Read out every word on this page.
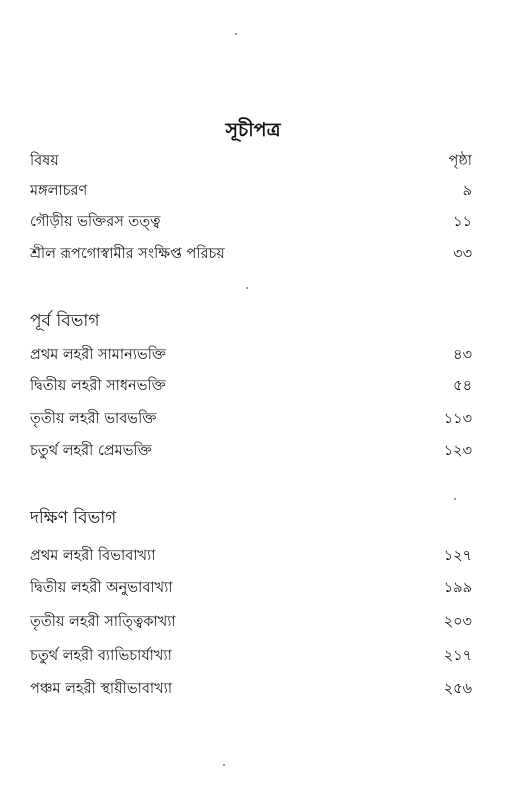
সূচীপত্র
বিষয়	পৃষ্ঠা
মঙ্গলাচরণ	৯
গৌড়ীয় ভক্তিরস তত্ত্ব	১১
শ্রীল রূপগোস্বামীর সংক্ষিপ্ত পরিচয়	৩৩
পূর্ব বিভাগ
প্রথম লহরী সামান্যভক্তি	৪৩
দ্বিতীয় লহরী সাধনভক্তি	৫৪
তৃতীয় লহরী ভাবভক্তি	১১৩
চতুর্থ লহরী প্রেমভক্তি	১২৩
দক্ষিণ বিভাগ
প্রথম লহরী বিভাবাখ্যা	১২৭
দ্বিতীয় লহরী অনুভাবাখ্যা	১৯৯
তৃতীয় লহরী সাত্ত্বিকাখ্যা	২০৩
চতুর্থ লহরী ব্যাভিচার্যাখ্যা	২১৭
পঞ্চম লহরী স্থায়ীভাবাখ্যা	২৫৬
